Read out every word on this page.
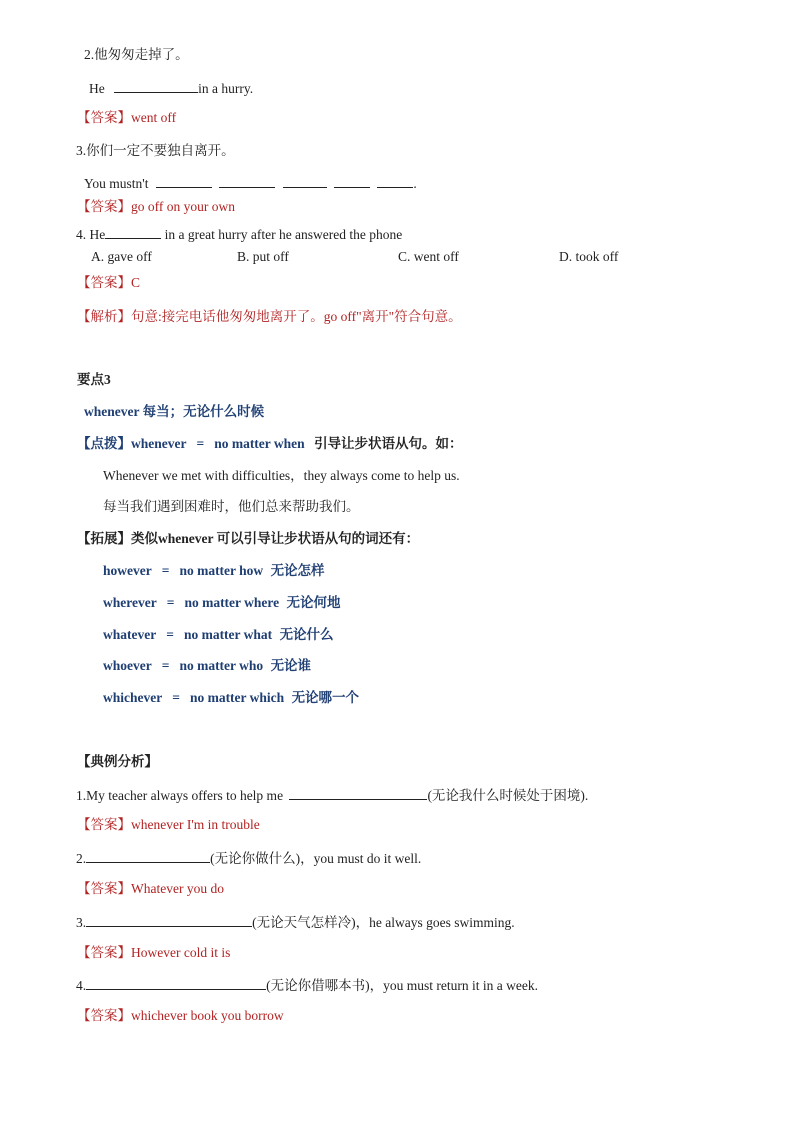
2.他匆匆走掉了。
He	in a hurry.
【答案】went off
3.你们一定不要独自离开。
You mustn't	.
【答案】go off on your own
4. He	in a great hurry after he answered the phone
A. gave off	B. put off	C. went off	D. took off
【答案】C
【解析】句意:接完电话他匆匆地离开了。go off"离开"符合句意。
要点3
whenever 每当；无论什么时候
【点拨】whenever = no matter when 引导让步状语从句。如：
Whenever we met with difficulties，they always come to help us.
每当我们遇到困难时，他们总来帮助我们。
【拓展】类似whenever 可以引导让步状语从句的词还有：
however = no matter how 无论怎样
wherever = no matter where 无论何地
whatever = no matter what 无论什么
whoever = no matter who 无论谁
whichever = no matter which 无论哪一个
【典例分析】
1.My teacher always offers to help me	(无论我什么时候处于困境).
【答案】whenever I'm in trouble
2.	(无论你做什么)，you must do it well.
【答案】Whatever you do
3.	(无论天气怎样冷)，he always goes swimming.
【答案】However cold it is
4.	(无论你借哪本书)，you must return it in a week.
【答案】whichever book you borrow
